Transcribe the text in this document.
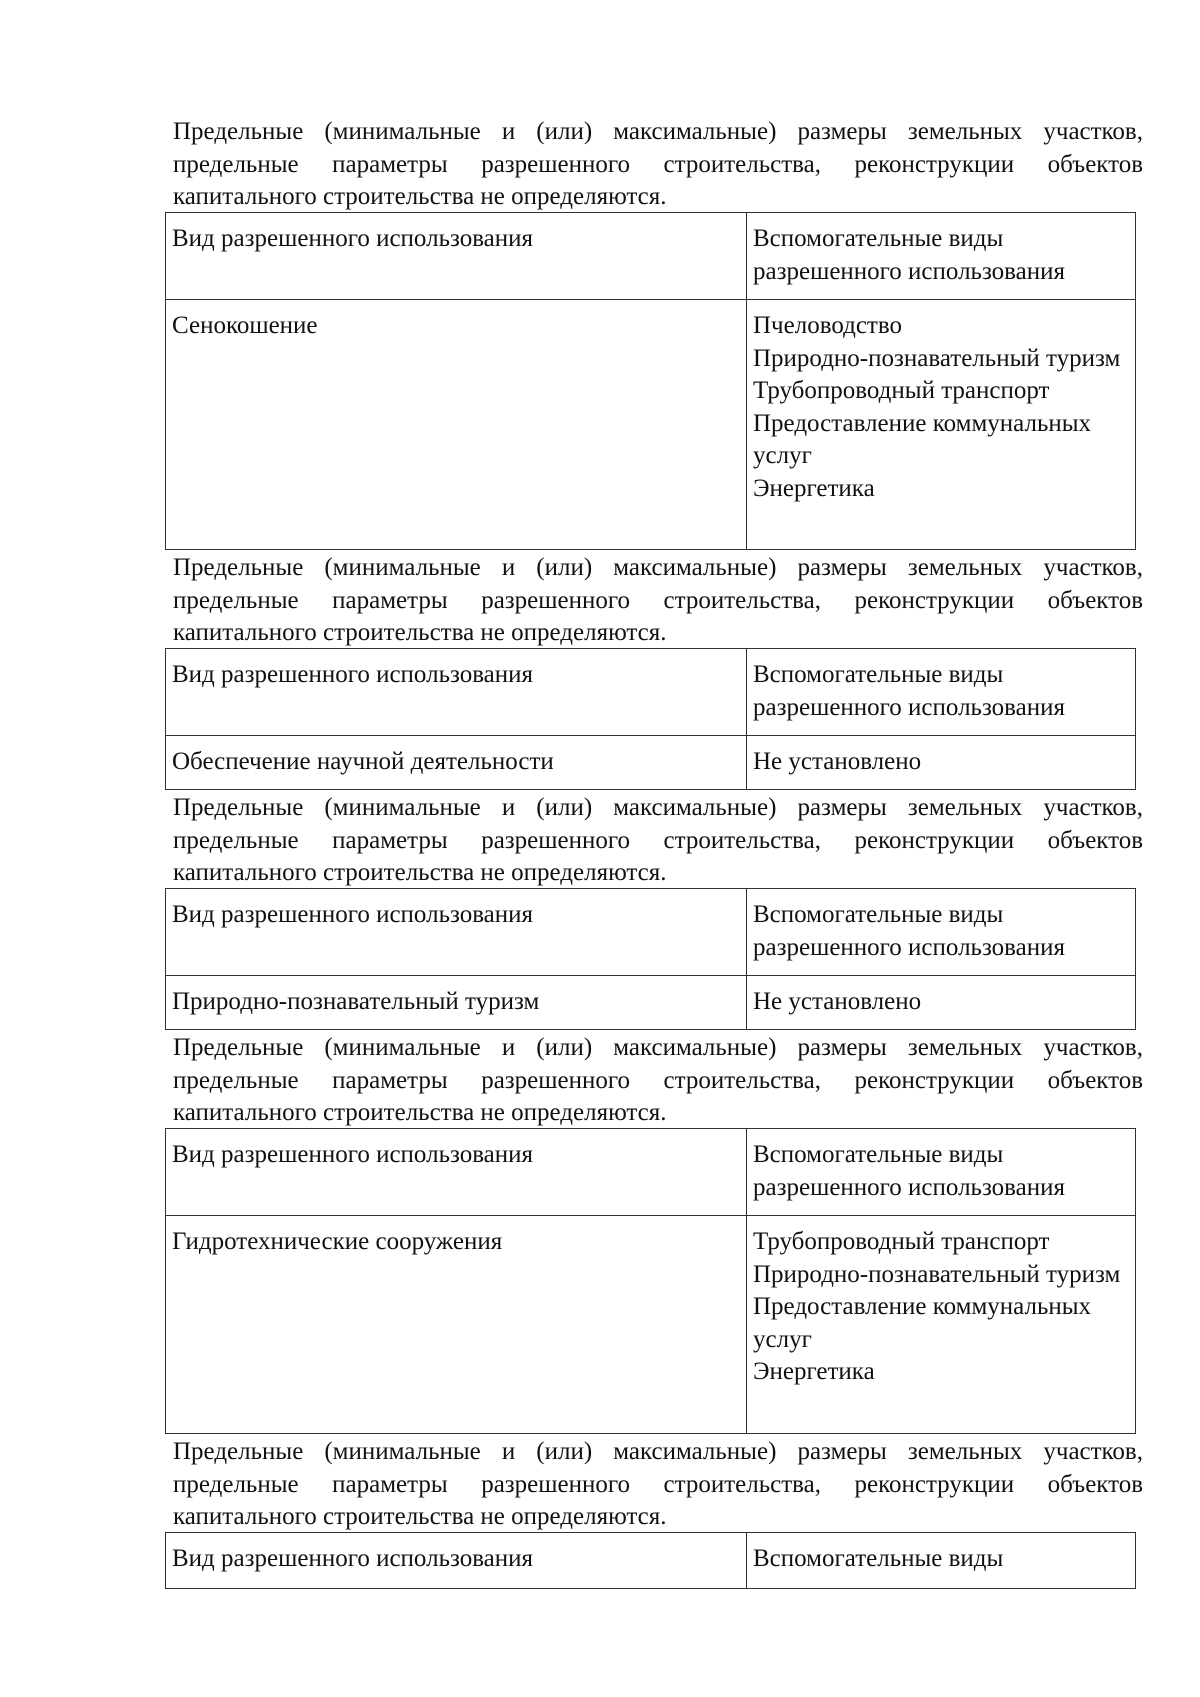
Предельные (минимальные и (или) максимальные) размеры земельных участков, предельные параметры разрешенного строительства, реконструкции объектов капитального строительства не определяются.

Вид разрешенного использования	Вспомогательные виды разрешенного использования
Сенокошение	Пчеловодство
Природно-познавательный туризм
Трубопроводный транспорт
Предоставление коммунальных услуг
Энергетика

Предельные (минимальные и (или) максимальные) размеры земельных участков, предельные параметры разрешенного строительства, реконструкции объектов капитального строительства не определяются.

Вид разрешенного использования	Вспомогательные виды разрешенного использования
Обеспечение научной деятельности	Не установлено

Предельные (минимальные и (или) максимальные) размеры земельных участков, предельные параметры разрешенного строительства, реконструкции объектов капитального строительства не определяются.

Вид разрешенного использования	Вспомогательные виды разрешенного использования
Природно-познавательный туризм	Не установлено

Предельные (минимальные и (или) максимальные) размеры земельных участков, предельные параметры разрешенного строительства, реконструкции объектов капитального строительства не определяются.

Вид разрешенного использования	Вспомогательные виды разрешенного использования
Гидротехнические сооружения	Трубопроводный транспорт
Природно-познавательный туризм
Предоставление коммунальных услуг
Энергетика

Предельные (минимальные и (или) максимальные) размеры земельных участков, предельные параметры разрешенного строительства, реконструкции объектов капитального строительства не определяются.

Вид разрешенного использования	Вспомогательные виды
